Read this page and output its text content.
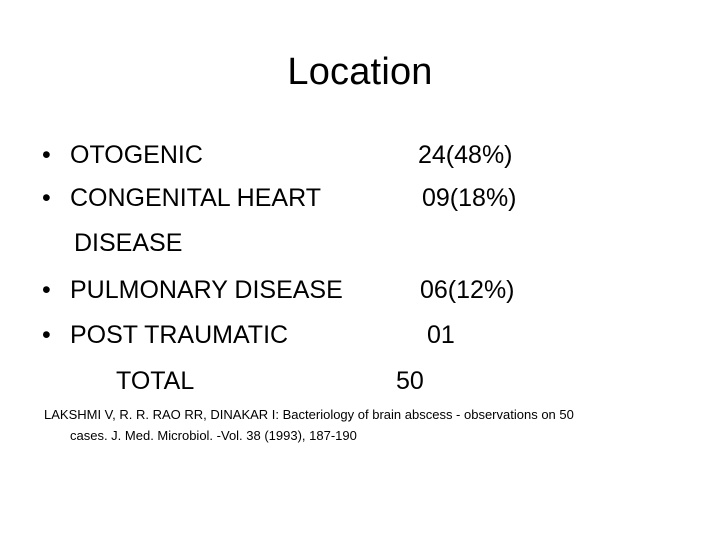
Location
• OTOGENIC	24(48%)
• CONGENITAL HEART	09(18%)
DISEASE
• PULMONARY DISEASE	06(12%)
• POST TRAUMATIC	01
TOTAL	50
LAKSHMI V, R. R. RAO RR, DINAKAR I: Bacteriology of brain abscess - observations on 50
cases. J. Med. Microbiol. -Vol. 38 (1993), 187-190
